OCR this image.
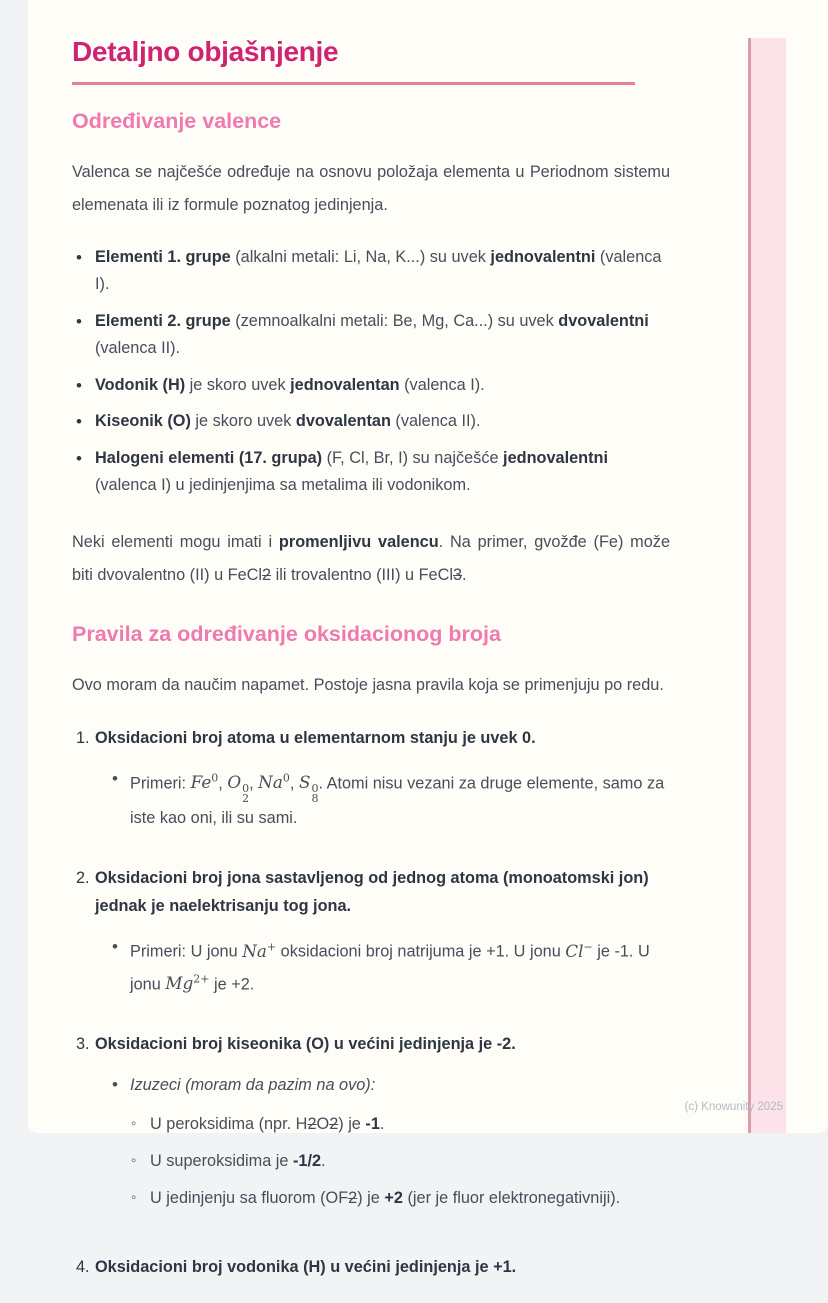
Detaljno objašnjenje
Određivanje valence

Valenca se najčešće određuje na osnovu položaja elementa u Periodnom sistemu elemenata ili iz formule poznatog jedinjenja.

• Elementi 1. grupe (alkalni metali: Li, Na, K...) su uvek jednovalentni (valenca I).
• Elementi 2. grupe (zemnoalkalni metali: Be, Mg, Ca...) su uvek dvovalentni (valenca II).
• Vodonik (H) je skoro uvek jednovalentan (valenca I).
• Kiseonik (O) je skoro uvek dvovalentan (valenca II).
• Halogeni elementi (17. grupa) (F, Cl, Br, I) su najčešće jednovalentni (valenca I) u jedinjenjima sa metalima ili vodonikom.

Neki elementi mogu imati i promenljivu valencu. Na primer, gvožđe (Fe) može biti dvovalentno (II) u FeCl2 ili trovalentno (III) u FeCl3.

Pravila za određivanje oksidacionog broja

Ovo moram da naučim napamet. Postoje jasna pravila koja se primenjuju po redu.

1. Oksidacioni broj atoma u elementarnom stanju je uvek 0.
• Primeri: Fe$^0$, O 0
2
, Na$^0$, S 0
8
. Atomi nisu vezani za druge elemente, samo za iste kao oni, ili su sami.
2. Oksidacioni broj jona sastavljenog od jednog atoma (monoatomski jon) jednak je naelektrisanju tog jona.
• Primeri: U jonu Na+ oksidacioni broj natrijuma je +1. U jonu Cl− je -1. U jonu $Mg^{2+}$ je +2.
3. Oksidacioni broj kiseonika (O) u većini jedinjenja je -2.
• Izuzeci (moram da pazim na ovo):
◦ U peroksidima (npr. H2O2) je -1.
◦ U superoksidima je -1/2.
◦ U jedinjenju sa fluorom (OF2) je +2 (jer je fluor elektronegativniji).
4. Oksidacioni broj vodonika (H) u većini jedinjenja je +1.
(c) Knowunity 2025
